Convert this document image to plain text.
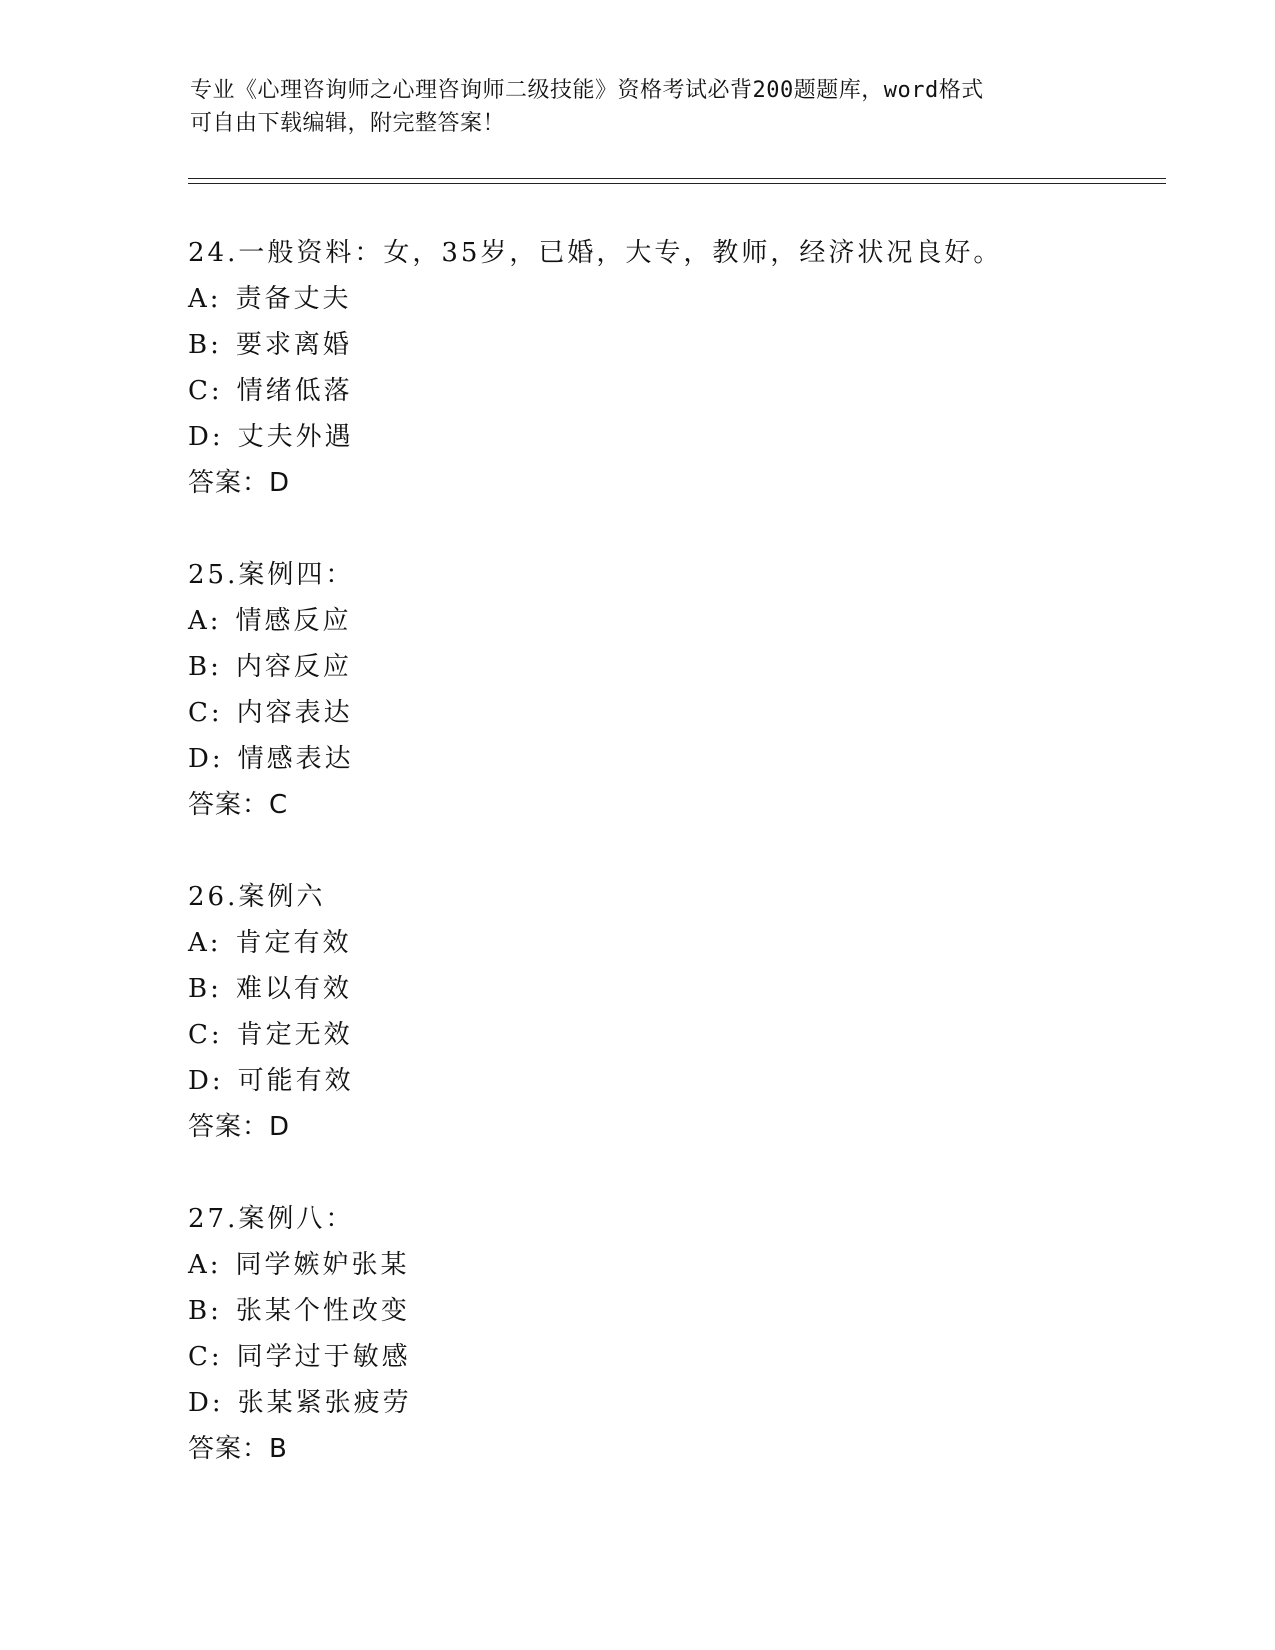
专业《心理咨询师之心理咨询师二级技能》资格考试必背200题题库，word格式
可自由下载编辑，附完整答案！
24.一般资料：女，35岁，已婚，大专，教师，经济状况良好。
A: 责备丈夫
B: 要求离婚
C: 情绪低落
D: 丈夫外遇
答案：D
25.案例四：
A: 情感反应
B: 内容反应
C: 内容表达
D: 情感表达
答案：C
26.案例六
A: 肯定有效
B: 难以有效
C: 肯定无效
D: 可能有效
答案：D
27.案例八：
A: 同学嫉妒张某
B: 张某个性改变
C: 同学过于敏感
D: 张某紧张疲劳
答案：B
